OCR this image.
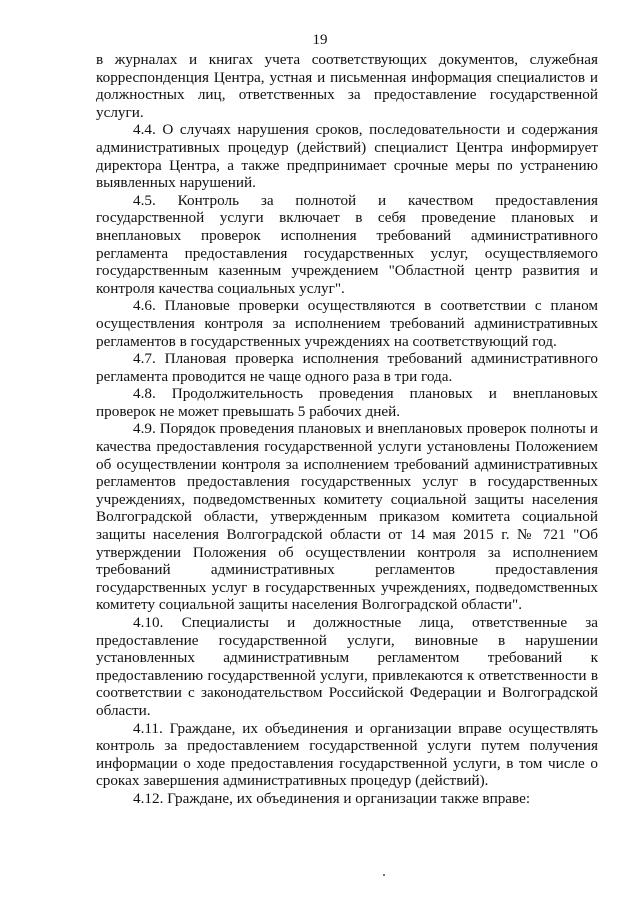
19

в журналах и книгах учета соответствующих документов, служебная корреспонденция Центра, устная и письменная информация специалистов и должностных лиц, ответственных за предоставление государственной услуги.

4.4. О случаях нарушения сроков, последовательности и содержания административных процедур (действий) специалист Центра информирует директора Центра, а также предпринимает срочные меры по устранению выявленных нарушений.

4.5. Контроль за полнотой и качеством предоставления государственной услуги включает в себя проведение плановых и внеплановых проверок исполнения требований административного регламента предоставления государственных услуг, осуществляемого государственным казенным учреждением "Областной центр развития и контроля качества социальных услуг".

4.6. Плановые проверки осуществляются в соответствии с планом осуществления контроля за исполнением требований административных регламентов в государственных учреждениях на соответствующий год.

4.7. Плановая проверка исполнения требований административного регламента проводится не чаще одного раза в три года.

4.8. Продолжительность проведения плановых и внеплановых проверок не может превышать 5 рабочих дней.

4.9. Порядок проведения плановых и внеплановых проверок полноты и качества предоставления государственной услуги установлены Положением об осуществлении контроля за исполнением требований административных регламентов предоставления государственных услуг в государственных учреждениях, подведомственных комитету социальной защиты населения Волгоградской области, утвержденным приказом комитета социальной защиты населения Волгоградской области от 14 мая 2015 г. № 721 "Об утверждении Положения об осуществлении контроля за исполнением требований административных регламентов предоставления государственных услуг в государственных учреждениях, подведомственных комитету социальной защиты населения Волгоградской области".

4.10. Специалисты и должностные лица, ответственные за предоставление государственной услуги, виновные в нарушении установленных административным регламентом требований к предоставлению государственной услуги, привлекаются к ответственности в соответствии с законодательством Российской Федерации и Волгоградской области.

4.11. Граждане, их объединения и организации вправе осуществлять контроль за предоставлением государственной услуги путем получения информации о ходе предоставления государственной услуги, в том числе о сроках завершения административных процедур (действий).

4.12. Граждане, их объединения и организации также вправе:
